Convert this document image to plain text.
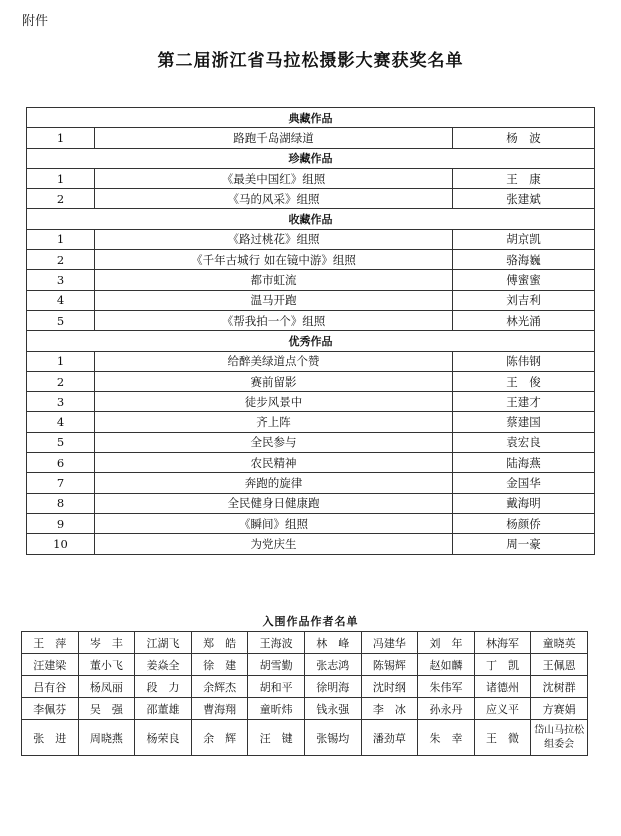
附件
第二届浙江省马拉松摄影大赛获奖名单
典藏作品		
1	路跑千岛湖绿道	杨　波
珍藏作品		
1	《最美中国红》组照	王　康
2	《马的风采》组照	张建斌
收藏作品		
1	《路过桃花》组照	胡京凯
2	《千年古城行 如在镜中游》组照	骆海巍
3	都市虹流	傅蜜蜜
4	温马开跑	刘吉利
5	《帮我拍一个》组照	林光涌
优秀作品		
1	给醉美绿道点个赞	陈伟钢
2	赛前留影	王　俊
3	徒步风景中	王建才
4	齐上阵	蔡建国
5	全民参与	袁宏良
6	农民精神	陆海燕
7	奔跑的旋律	金国华
8	全民健身日健康跑	戴海明
9	《瞬间》组照	杨颜侨
10	为党庆生	周一豪
入围作品作者名单
王　萍	岑　丰	江湖飞	郑　皓	王海波	林　峰	冯建华	刘　年	林海军	童晓英
汪建梁	董小飞	姜焱全	徐　建	胡雪勤	张志鸿	陈锡辉	赵如麟	丁　凯	王佩恩
吕有谷	杨凤丽	段　力	余辉杰	胡和平	徐明海	沈时纲	朱伟军	诸德州	沈树群
李佩芬	吴　强	邵董雄	曹海翔	童昕炜	钱永强	李　冰	孙永丹	应义平	方赛娟
张　进	周晓燕	杨荣良	余　辉	汪　键	张锡均	潘劲草	朱　幸	王　微	岱山马拉松组委会
